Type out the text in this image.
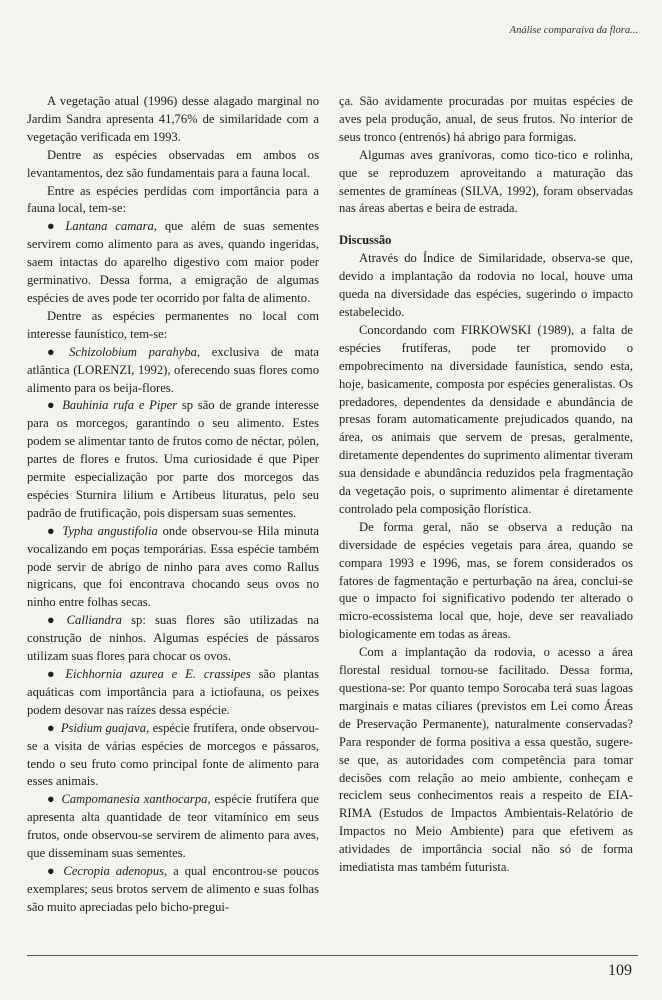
Análise comparaiva da flora...

A vegetação atual (1996) desse alagado marginal no Jardim Sandra apresenta 41,76% de similaridade com a vegetação verificada em 1993.

Dentre as espécies observadas em ambos os levantamentos, dez são fundamentais para a fauna local.

Entre as espécies perdidas com importância para a fauna local, tem-se:

● Lantana camara, que além de suas sementes servirem como alimento para as aves, quando ingeridas, saem intactas do aparelho digestivo com maior poder germinativo. Dessa forma, a emigração de algumas espécies de aves pode ter ocorrido por falta de alimento.

Dentre as espécies permanentes no local com interesse faunístico, tem-se:

● Schizolobium parahyba, exclusiva de mata atlântica (LORENZI, 1992), oferecendo suas flores como alimento para os beija-flores.

● Bauhinia rufa e Piper sp são de grande interesse para os morcegos, garantindo o seu alimento. Estes podem se alimentar tanto de frutos como de néctar, pólen, partes de flores e frutos. Uma curiosidade é que Piper permite especialização por parte dos morcegos das espécies Sturnira lilium e Artibeus lituratus, pelo seu padrão de frutificação, pois dispersam suas sementes.

● Typha angustifolia onde observou-se Hila minuta vocalizando em poças temporárias. Essa espécie também pode servir de abrigo de ninho para aves como Rallus nigricans, que foi encontrava chocando seus ovos no ninho entre folhas secas.

● Calliandra sp: suas flores são utilizadas na construção de ninhos. Algumas espécies de pássaros utilizam suas flores para chocar os ovos.

● Eichhornia azurea e E. crassipes são plantas aquáticas com importância para a ictiofauna, os peixes podem desovar nas raízes dessa espécie.

● Psidium guajava, espécie frutífera, onde observou-se a visita de várias espécies de morcegos e pássaros, tendo o seu fruto como principal fonte de alimento para esses animais.

● Campomanesia xanthocarpa, espécie frutífera que apresenta alta quantidade de teor vitamínico em seus frutos, onde observou-se servirem de alimento para aves, que disseminam suas sementes.

● Cecropia adenopus, a qual encontrou-se poucos exemplares; seus brotos servem de alimento e suas folhas são muito apreciadas pelo bicho-pregui-

ça. São avidamente procuradas por muitas espécies de aves pela produção, anual, de seus frutos. No interior de seus tronco (entrenós) há abrigo para formigas.

Algumas aves granívoras, como tico-tico e rolinha, que se reproduzem aproveitando a maturação das sementes de gramíneas (SILVA, 1992), foram observadas nas áreas abertas e beira de estrada.

Discussão

Através do Índice de Similaridade, observa-se que, devido a implantação da rodovia no local, houve uma queda na diversidade das espécies, sugerindo o impacto estabelecido.

Concordando com FIRKOWSKI (1989), a falta de espécies frutíferas, pode ter promovido o empobrecimento na diversidade faunística, sendo esta, hoje, basicamente, composta por espécies generalistas. Os predadores, dependentes da densidade e abundância de presas foram automaticamente prejudicados quando, na área, os animais que servem de presas, geralmente, diretamente dependentes do suprimento alimentar tiveram sua densidade e abundância reduzidos pela fragmentação da vegetação pois, o suprimento alimentar é diretamente controlado pela composição florística.

De forma geral, não se observa a redução na diversidade de espécies vegetais para área, quando se compara 1993 e 1996, mas, se forem considerados os fatores de fagmentação e perturbação na área, conclui-se que o impacto foi significativo podendo ter alterado o micro-ecossistema local que, hoje, deve ser reavaliado biologicamente em todas as áreas.

Com a implantação da rodovia, o acesso a área florestal residual tornou-se facilitado. Dessa forma, questiona-se: Por quanto tempo Sorocaba terá suas lagoas marginais e matas ciliares (previstos em Lei como Áreas de Preservação Permanente), naturalmente conservadas? Para responder de forma positiva a essa questão, sugere-se que, as autoridades com competência para tomar decisões com relação ao meio ambiente, conheçam e reciclem seus conhecimentos reais a respeito de EIA-RIMA (Estudos de Impactos Ambientais-Relatório de Impactos no Meio Ambiente) para que efetivem as atividades de importância social não só de forma imediatista mas também futurista.

109
